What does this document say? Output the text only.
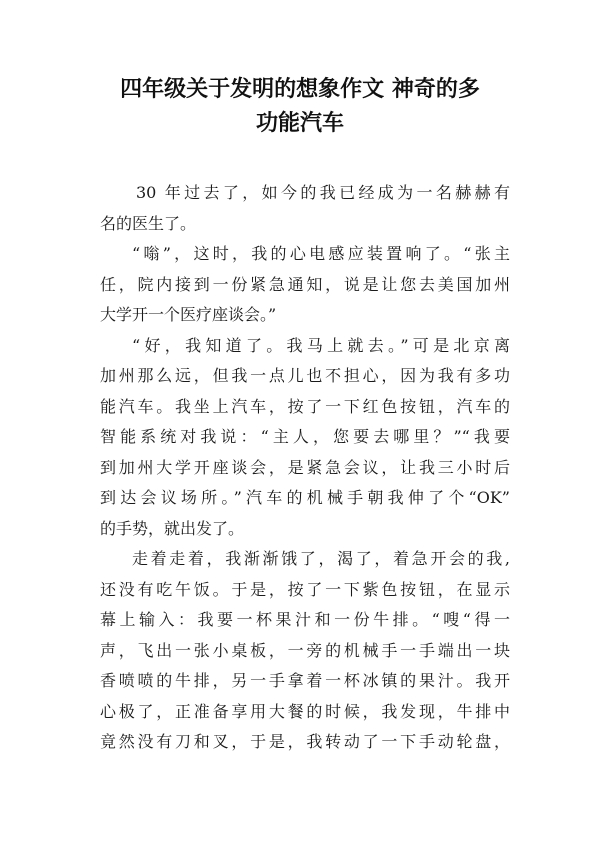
四年级关于发明的想象作文 神奇的多
功能汽车
30 年过去了，如今的我已经成为一名赫赫有
名的医生了。
“嗡”，这时，我的心电感应装置响了。“张主
任，院内接到一份紧急通知，说是让您去美国加州
大学开一个医疗座谈会。”
“好，我知道了。我马上就去。”可是北京离
加州那么远，但我一点儿也不担心，因为我有多功
能汽车。我坐上汽车，按了一下红色按钮，汽车的
智能系统对我说：“主人，您要去哪里？”“我要
到加州大学开座谈会，是紧急会议，让我三小时后
到达会议场所。”汽车的机械手朝我伸了个“OK”
的手势，就出发了。
走着走着，我渐渐饿了，渴了，着急开会的我,
还没有吃午饭。于是，按了一下紫色按钮，在显示
幕上输入：我要一杯果汁和一份牛排。“嗖“得一
声，飞出一张小桌板，一旁的机械手一手端出一块
香喷喷的牛排，另一手拿着一杯冰镇的果汁。我开
心极了，正准备享用大餐的时候，我发现，牛排中
竟然没有刀和叉，于是，我转动了一下手动轮盘，
